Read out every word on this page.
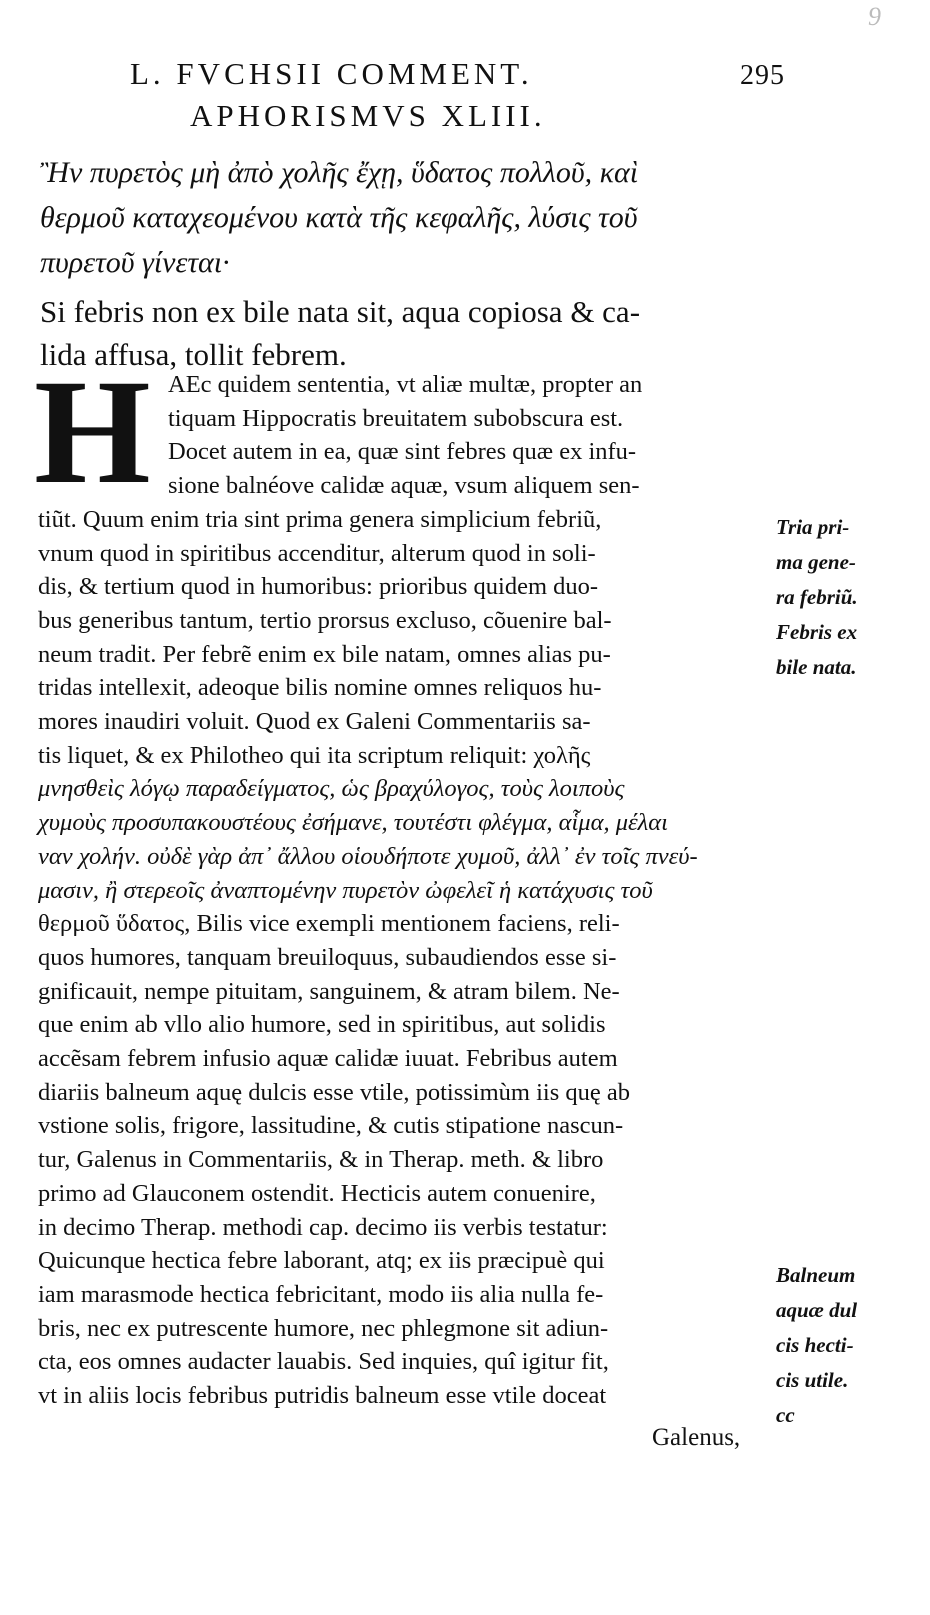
9
L. FVCHSII COMMENT.	295
APHORISMVS XLIII.
Ἢν πυρετὸς μὴ ἀπὸ χολῆς ἔχῃ, ὕδατος πολλοῦ, καὶ
θερμοῦ καταχεομένου κατὰ τῆς κεφαλῆς, λύσις τοῦ
πυρετοῦ γίνεται·
Si febris non ex bile nata sit, aqua copiosa & ca-
lida affusa, tollit febrem.
H AEc quidem sententia, vt aliæ multæ, propter an
tiquam Hippocratis breuitatem subobscura est.
Docet autem in ea, quæ sint febres quæ ex infu-
sione balnéove calidæ aquæ, vsum aliquem sen-
tiũt. Quum enim tria sint prima genera simplicium febriũ,
vnum quod in spiritibus accenditur, alterum quod in soli-
dis, & tertium quod in humoribus: prioribus quidem duo-
bus generibus tantum, tertio prorsus excluso, cõuenire bal-
neum tradit. Per febrẽ enim ex bile natam, omnes alias pu-
tridas intellexit, adeoque bilis nomine omnes reliquos hu-
mores inaudiri voluit. Quod ex Galeni Commentariis sa-
tis liquet, & ex Philotheo qui ita scriptum reliquit: χολῆς
μνησθεὶς λόγῳ παραδείγματος, ὡς βραχύλογος, τοὺς λοιποὺς
χυμοὺς προσυπακουστέους ἐσήμανε, τουτέστι φλέγμα, αἷμα, μέλαι
ναν χολήν. οὐδὲ γὰρ ἀπ᾽ ἄλλου οἱουδήποτε χυμοῦ, ἀλλ᾽ ἐν τοῖς πνεύ-
μασιν, ἢ στερεοῖς ἀναπτομένην πυρετὸν ὠφελεῖ ἡ κατάχυσις τοῦ
θερμοῦ ὕδατος, Bilis vice exempli mentionem faciens, reli-
quos humores, tanquam breuiloquus, subaudiendos esse si-
gnificauit, nempe pituitam, sanguinem, & atram bilem. Ne-
que enim ab vllo alio humore, sed in spiritibus, aut solidis
accẽsam febrem infusio aquæ calidæ iuuat. Febribus autem
diariis balneum aquę dulcis esse vtile, potissimùm iis quę ab
vstione solis, frigore, lassitudine, & cutis stipatione nascun-
tur, Galenus in Commentariis, & in Therap. meth. & libro
primo ad Glauconem ostendit. Hecticis autem conuenire,
in decimo Therap. methodi cap. decimo iis verbis testatur:
Quicunque hectica febre laborant, atq; ex iis præcipuè qui
iam marasmode hectica febricitant, modo iis alia nulla fe-
bris, nec ex putrescente humore, nec phlegmone sit adiun-
cta, eos omnes audacter lauabis. Sed inquies, quî igitur fit,
vt in aliis locis febribus putridis balneum esse vtile doceat
Galenus,
Tria pri-
ma gene-
ra febriũ.
Febris ex
bile nata.
Balneum
aquæ dul
cis hecti-
cis utile.
cc
